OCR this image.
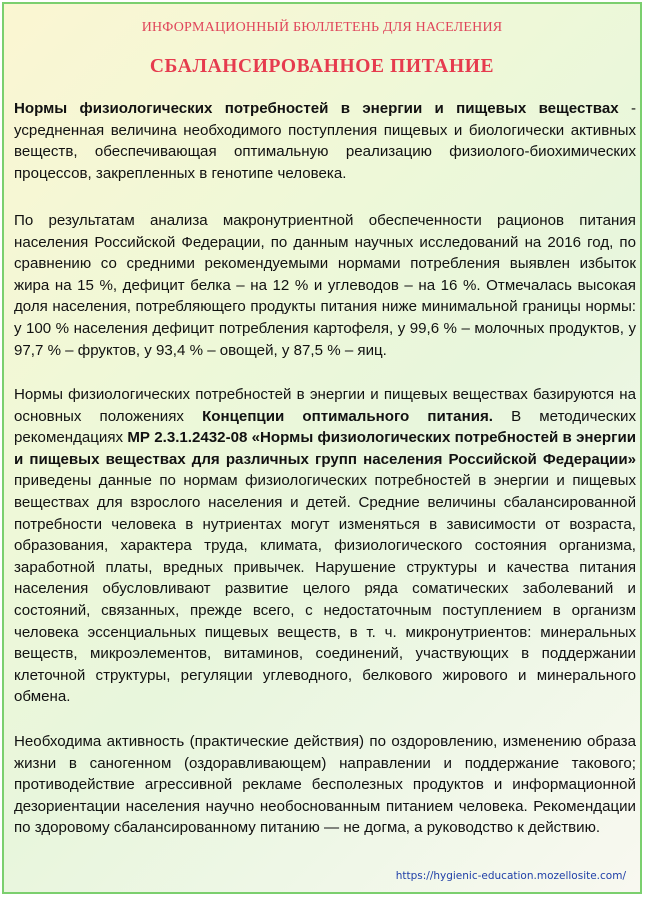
ИНФОРМАЦИОННЫЙ БЮЛЛЕТЕНЬ ДЛЯ НАСЕЛЕНИЯ
СБАЛАНСИРОВАННОЕ ПИТАНИЕ

Нормы физиологических потребностей в энергии и пищевых веществах - усредненная величина необходимого поступления пищевых и биологически активных веществ, обеспечивающая оптимальную реализацию физиолого-биохимических процессов, закрепленных в генотипе человека.

По результатам анализа макронутриентной обеспеченности рационов питания населения Российской Федерации, по данным научных исследований на 2016 год, по сравнению со средними рекомендуемыми нормами потребления выявлен избыток жира на 15 %, дефицит белка – на 12 % и углеводов – на 16 %. Отмечалась высокая доля населения, потребляющего продукты питания ниже минимальной границы нормы: у 100 % населения дефицит потребления картофеля, у 99,6 % – молочных продуктов, у 97,7 % – фруктов, у 93,4 % – овощей, у 87,5 % – яиц.

Нормы физиологических потребностей в энергии и пищевых веществах базируются на основных положениях Концепции оптимального питания. В методических рекомендациях МР 2.3.1.2432-08 «Нормы физиологических потребностей в энергии и пищевых веществах для различных групп населения Российской Федерации» приведены данные по нормам физиологических потребностей в энергии и пищевых веществах для взрослого населения и детей. Средние величины сбалансированной потребности человека в нутриентах могут изменяться в зависимости от возраста, образования, характера труда, климата, физиологического состояния организма, заработной платы, вредных привычек. Нарушение структуры и качества питания населения обусловливают развитие целого ряда соматических заболеваний и состояний, связанных, прежде всего, с недостаточным поступлением в организм человека эссенциальных пищевых веществ, в т. ч. микронутриентов: минеральных веществ, микроэлементов, витаминов, соединений, участвующих в поддержании клеточной структуры, регуляции углеводного, белкового жирового и минерального обмена.

Необходима активность (практические действия) по оздоровлению, изменению образа жизни в саногенном (оздоравливающем) направлении и поддержание такового; противодействие агрессивной рекламе бесполезных продуктов и информационной дезориентации населения научно необоснованным питанием человека. Рекомендации по здоровому сбалансированному питанию — не догма, а руководство к действию.

https://hygienic-education.mozellosite.com/
